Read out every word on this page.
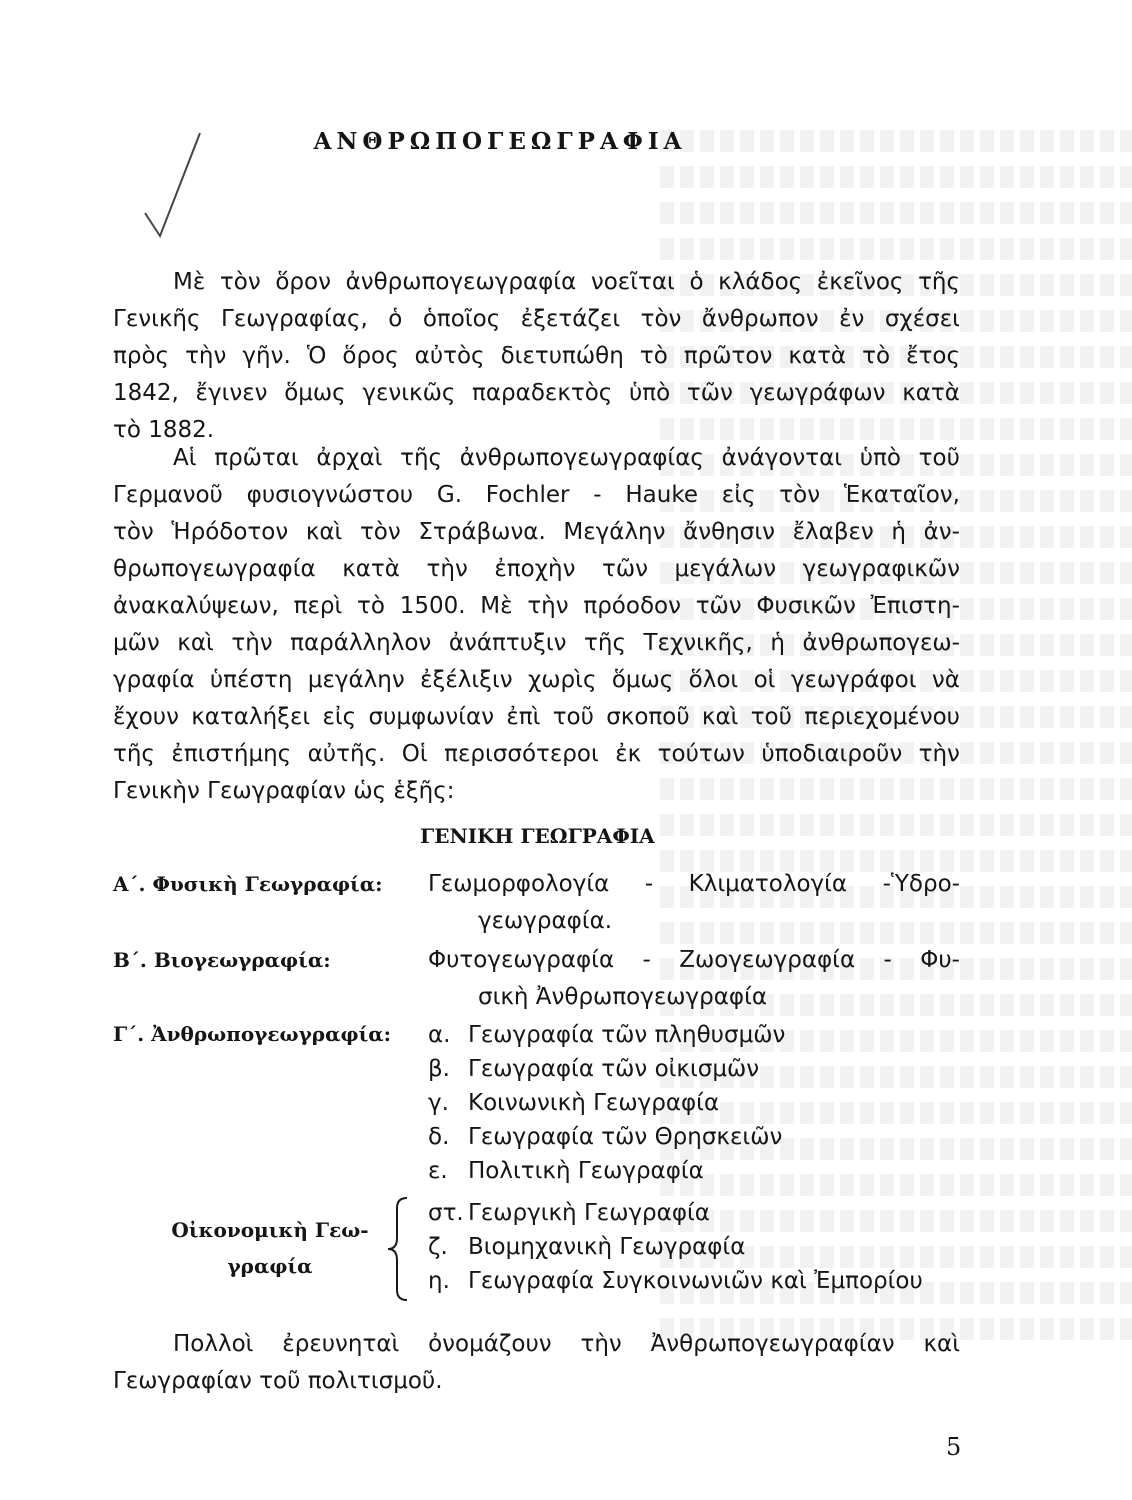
ΑΝΘΡΩΠΟΓΕΩΓΡΑΦΙΑ
Μὲ τὸν ὅρον ἀνθρωπογεωγραφία νοεῖται ὁ κλάδος ἐκεῖνος τῆς
Γενικῆς Γεωγραφίας, ὁ ὁποῖος ἐξετάζει τὸν ἄνθρωπον ἐν σχέσει
πρὸς τὴν γῆν. Ὁ ὅρος αὐτὸς διετυπώθη τὸ πρῶτον κατὰ τὸ ἔτος
1842, ἔγινεν ὅμως γενικῶς παραδεκτὸς ὑπὸ τῶν γεωγράφων κατὰ
τὸ 1882.
Αἱ πρῶται ἀρχαὶ τῆς ἀνθρωπογεωγραφίας ἀνάγονται ὑπὸ τοῦ
Γερμανοῦ φυσιογνώστου G. Fochler - Hauke εἰς τὸν Ἑκαταῖον,
τὸν Ἡρόδοτον καὶ τὸν Στράβωνα. Μεγάλην ἄνθησιν ἔλαβεν ἡ ἀν-
θρωπογεωγραφία κατὰ τὴν ἐποχὴν τῶν μεγάλων γεωγραφικῶν
ἀνακαλύψεων, περὶ τὸ 1500. Μὲ τὴν πρόοδον τῶν Φυσικῶν Ἐπιστη-
μῶν καὶ τὴν παράλληλον ἀνάπτυξιν τῆς Τεχνικῆς, ἡ ἀνθρωπογεω-
γραφία ὑπέστη μεγάλην ἐξέλιξιν χωρὶς ὅμως ὅλοι οἱ γεωγράφοι νὰ
ἔχουν καταλήξει εἰς συμφωνίαν ἐπὶ τοῦ σκοποῦ καὶ τοῦ περιεχομένου
τῆς ἐπιστήμης αὐτῆς. Οἱ περισσότεροι ἐκ τούτων ὑποδιαιροῦν τὴν
Γενικὴν Γεωγραφίαν ὡς ἑξῆς:
ΓΕΝΙΚΗ ΓΕΩΓΡΑΦΙΑ
Α΄. Φυσικὴ Γεωγραφία: Γεωμορφολογία - Κλιματολογία -Ὑδρο-
γεωγραφία.
Β΄. Βιογεωγραφία:	Φυτογεωγραφία - Ζωογεωγραφία - Φυ-
σικὴ Ἀνθρωπογεωγραφία
Γ΄. Ἀνθρωπογεωγραφία: α. Γεωγραφία τῶν πληθυσμῶν
β. Γεωγραφία τῶν οἰκισμῶν
γ. Κοινωνικὴ Γεωγραφία
δ. Γεωγραφία τῶν Θρησκειῶν
ε. Πολιτικὴ Γεωγραφία
Οἰκονομικὴ Γεω-
γραφία
στ. Γεωργικὴ Γεωγραφία
ζ. Βιομηχανικὴ Γεωγραφία
η. Γεωγραφία Συγκοινωνιῶν καὶ Ἐμπορίου
Πολλοὶ ἐρευνηταὶ ὀνομάζουν τὴν Ἀνθρωπογεωγραφίαν καὶ
Γεωγραφίαν τοῦ πολιτισμοῦ.
5
